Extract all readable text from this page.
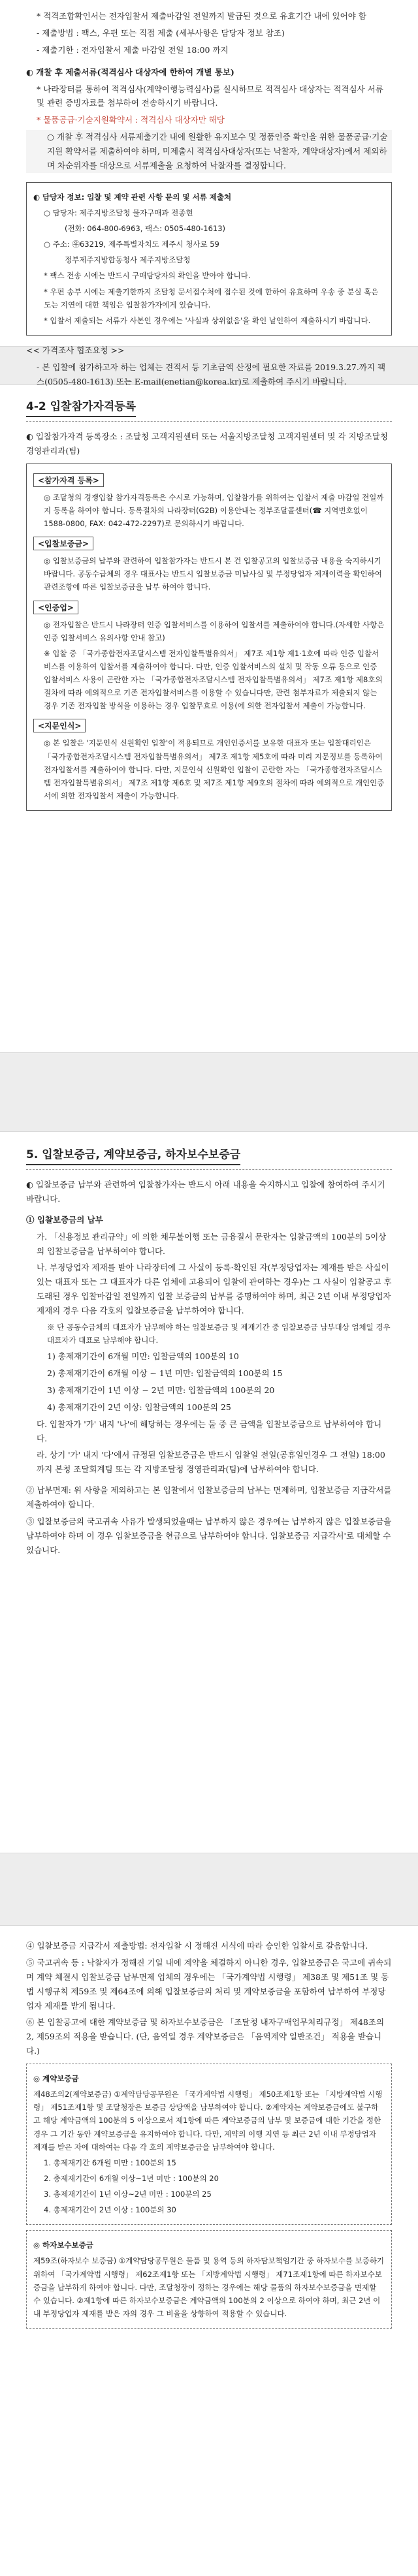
* 적격조합확인서는 전자입찰서 제출마감일 전일까지 발급된 것으로 유효기간 내에 있어야 함

- 제출방법 : 팩스, 우편 또는 직접 제출 (세부사항은 담당자 정보 참조)

- 제출기한 : 전자입찰서 제출 마감일 전일 18:00 까지

◐ 개찰 후 제출서류(적격심사 대상자에 한하여 개별 통보)

* 나라장터를 통하여 적격심사(계약이행능력심사)를 실시하므로 적격심사 대상자는 적격심사 서류 및 관련 증빙자료를 첨부하여 전송하시기 바랍니다.

* 물품공급·기술지원확약서 : 적격심사 대상자만 해당

○ 개찰 후 적격심사 서류제출기간 내에 원활한 유지보수 및 정품인증 확인을 위한 물품공급·기술지원 확약서를 제출하여야 하며, 미제출시 적격심사대상자(또는 낙찰자, 계약대상자)에서 제외하며 차순위자를 대상으로 서류제출을 요청하여 낙찰자를 결정합니다.

◐ 담당자 정보: 입찰 및 계약 관련 사항 문의 및 서류 제출처

○ 담당자: 제주지방조달청 물자구매과 전종현

(전화: 064-800-6963, 팩스: 0505-480-1613)

○ 주소: ㉾63219, 제주특별자치도 제주시 청사로 59

정부제주지방합동청사 제주지방조달청

* 팩스 전송 시에는 반드시 구매담당자의 확인을 받아야 합니다.

* 우편 송부 시에는 제출기한까지 조달청 문서접수처에 접수된 것에 한하여 유효하며 우송 중 분실 혹은 도는 지연에 대한 책임은 입찰참가자에게 있습니다.

* 입찰서 제출되는 서류가 사본인 경우에는 '사실과 상위없음'을 확인 날인하여 제출하시기 바랍니다.

<< 가격조사 협조요청 >>

- 본 입찰에 참가하고자 하는 업체는 견적서 등 기초금액 산정에 필요한 자료를 2019.3.27.까지 팩스(0505-480-1613) 또는 E-mail(enetian@korea.kr)로 제출하여 주시기 바랍니다.

4-2 입찰참가자격등록

◐ 입찰참가자격 등록장소 : 조달청 고객지원센터 또는 서울지방조달청 고객지원센터 및 각 지방조달청 경영관리과(팀)

<참가자격 등록>

◎ 조달청의 경쟁입찰 참가자격등록은 수시로 가능하며, 입찰참가를 위하여는 입찰서 제출 마감일 전일까지 등록을 하여야 합니다. 등록절차의 나라장터(G2B) 이용안내는 정부조달콜센터(☎ 지역번호없이 1588-0800, FAX: 042-472-2297)로 문의하시기 바랍니다.

<입찰보증금>

◎ 입찰보증금의 납부와 관련하여 입찰참가자는 반드시 본 건 입찰공고의 입찰보증금 내용을 숙지하시기 바랍니다. 공동수급체의 경우 대표사는 반드시 입찰보증금 미납사실 및 부정당업자 제재이력을 확인하여 관련조항에 따른 입찰보증금을 납부 하여야 합니다.

<인증업>

◎ 전자입찰은 반드시 나라장터 인증 입찰서비스를 이용하여 입찰서를 제출하여야 합니다.(자세한 사항은 인증 입찰서비스 유의사항 안내 참고)

※ 입찰 중 「국가종합전자조달시스템 전자입찰특별유의서」 제7조 제1항 제1·1호에 따라 인증 입찰서비스를 이용하여 입찰서를 제출하여야 합니다. 다만, 인증 입찰서비스의 설치 및 작동 오류 등으로 인증 입찰서비스 사용이 곤란한 자는 「국가종합전자조달시스템 전자입찰특별유의서」 제7조 제1항 제8호의 절차에 따라 예외적으로 기존 전자입찰서비스를 이용할 수 있습니다만, 관련 첨부자료가 제출되지 않는 경우 기존 전자입찰 방식을 이용하는 경우 입찰무효로 이용(에 의한 전자입찰서 제출이 가능합니다.

<지문인식>

◎ 본 입찰은 '지문인식 신원확인 입찰'이 적용되므로 개인인증서를 보유한 대표자 또는 입찰대리인은 「국가종합전자조달시스템 전자입찰특별유의서」 제7조 제1항 제5호에 따라 미리 지문정보를 등록하여 전자입찰서를 제출하여야 합니다. 다만, 지문인식 신원확인 입찰이 곤란한 자는 「국가종합전자조달시스템 전자입찰특별유의서」 제7조 제1항 제6호 및 제7조 제1항 제9호의 절차에 따라 예외적으로 개인인증서에 의한 전자입찰서 제출이 가능합니다.

5. 입찰보증금, 계약보증금, 하자보수보증금

◐ 입찰보증금 납부와 관련하여 입찰참가자는 반드시 아래 내용을 숙지하시고 입찰에 참여하여 주시기 바랍니다.

① 입찰보증금의 납부

가. 「신용정보 관리규약」에 의한 채무불이행 또는 금융질서 문란자는 입찰금액의 100분의 5이상의 입찰보증금을 납부하여야 합니다.

나. 부정당업자 제재를 받아 나라장터에 그 사실이 등록·확인된 자(부정당업자는 제재를 받은 사실이 있는 대표자 또는 그 대표자가 다른 업체에 고용되어 입찰에 관여하는 경우)는 그 사실이 입찰공고 후 도래된 경우 입찰마감일 전일까지 입찰 보증금의 납부를 증명하여야 하며, 최근 2년 이내 부정당업자 제재의 경우 다음 각호의 입찰보증금을 납부하여야 합니다.

※ 단 공동수급체의 대표자가 납부해야 하는 입찰보증금 및 제재기간 중 입찰보증금 납부대상 업체일 경우 대표자가 대표로 납부해야 합니다.

1) 총제재기간이 6개월 미만: 입찰금액의 100분의 10

2) 총제재기간이 6개월 이상 ~ 1년 미만: 입찰금액의 100분의 15

3) 총제재기간이 1년 이상 ~ 2년 미만: 입찰금액의 100분의 20

4) 총제재기간이 2년 이상: 입찰금액의 100분의 25

다. 입찰자가 '가' 내지 '나'에 해당하는 경우에는 둘 중 큰 금액을 입찰보증금으로 납부하여야 합니다.

라. 상기 '가' 내지 '다'에서 규정된 입찰보증금은 반드시 입찰일 전일(공휴일인경우 그 전일) 18:00까지 본청 조달회계팀 또는 각 지방조달청 경영관리과(팀)에 납부하여야 합니다.

② 납부면제: 위 사항을 제외하고는 본 입찰에서 입찰보증금의 납부는 면제하며, 입찰보증금 지급각서를 제출하여야 합니다.

③ 입찰보증금의 국고귀속 사유가 발생되었을때는 납부하지 않은 경우에는 납부하지 않은 입찰보증금을 납부하여야 하며 이 경우 입찰보증금을 현금으로 납부하여야 합니다. 입찰보증금 지급각서'로 대체할 수 있습니다.

④ 입찰보증금 지급각서 제출방법: 전자입찰 시 정해진 서식에 따라 승인한 입찰서로 갈음합니다.

⑤ 국고귀속 등 : 낙찰자가 정해진 기일 내에 계약을 체결하지 아니한 경우, 입찰보증금은 국고에 귀속되며 계약 체결시 입찰보증금 납부면제 업체의 경우에는 「국가계약법 시행령」 제38조 및 제51조 및 동법 시행규칙 제59조 및 제64조에 의해 입찰보증금의 처리 및 계약보증금을 포함하여 납부하여 부정당업자 제재를 받게 됩니다.

⑥ 본 입찰공고에 대한 계약보증금 및 하자보수보증금은 「조달청 내자구매업무처리규정」 제48조의 2, 제59조의 적용을 받습니다. (단, 음역일 경우 계약보증금은 「음역계약 일반조건」 적용을 받습니다.)

◎ 계약보증금

제48조의2(계약보증금) ①계약담당공무원은 「국가계약법 시행령」 제50조제1항 또는 「지방계약법 시행령」 제51조제1항 및 조달청장은 보증금 상당액을 납부하여야 합니다. ②계약자는 계약보증금에도 불구하고 해당 계약금액의 100분의 5 이상으로서 제1항에 따른 계약보증금의 납부 및 보증금에 대한 기간을 정한 경우 그 기간 동안 계약보증금을 유지하여야 합니다. 다만, 계약의 이행 지연 등 최근 2년 이내 부정당업자 제재를 받은 자에 대하여는 다음 각 호의 계약보증금을 납부하여야 합니다.

1. 총제재기간 6개월 미만 : 100분의 15

2. 총제재기간이 6개월 이상~1년 미만 : 100분의 20

3. 총제재기간이 1년 이상~2년 미만 : 100분의 25

4. 총제재기간이 2년 이상 : 100분의 30

◎ 하자보수보증금

제59조(하자보수 보증금) ①계약담당공무원은 물품 및 용역 등의 하자담보책임기간 중 하자보수를 보증하기 위하여 「국가계약법 시행령」 제62조제1항 또는 「지방계약법 시행령」 제71조제1항에 따른 하자보수보증금을 납부하게 하여야 합니다. 다만, 조달청장이 정하는 경우에는 해당 물품의 하자보수보증금을 면제할 수 있습니다. ②제1항에 따른 하자보수보증금은 계약금액의 100분의 2 이상으로 하여야 하며, 최근 2년 이내 부정당업자 제재를 받은 자의 경우 그 비율을 상향하여 적용할 수 있습니다.
